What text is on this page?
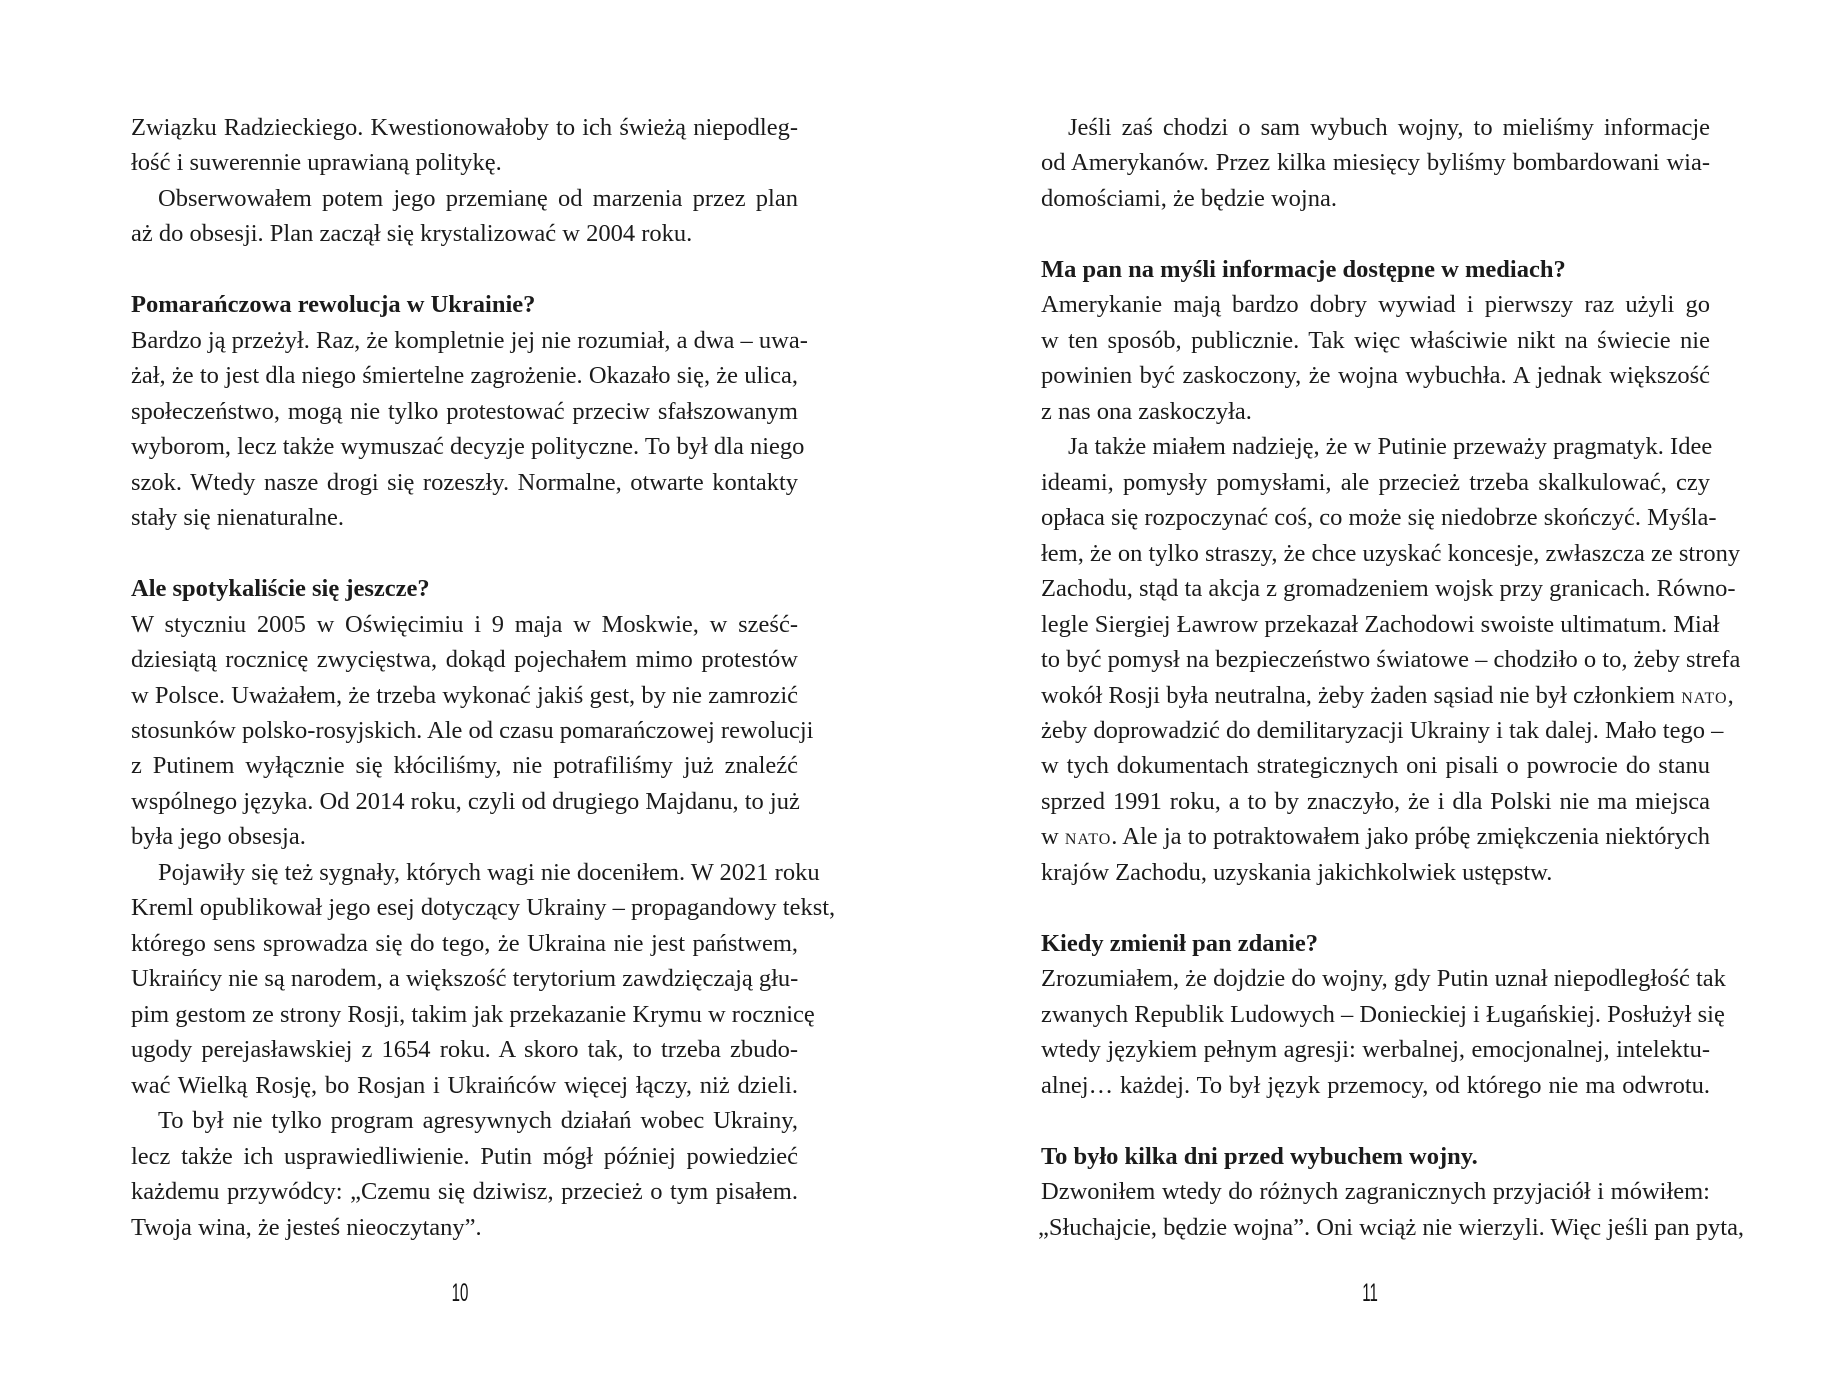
Związku Radzieckiego. Kwestionowałoby to ich świeżą niepodleg-
łość i suwerennie uprawianą politykę.
Obserwowałem potem jego przemianę od marzenia przez plan
aż do obsesji. Plan zaczął się krystalizować w 2004 roku.

Pomarańczowa rewolucja w Ukrainie?
Bardzo ją przeżył. Raz, że kompletnie jej nie rozumiał, a dwa – uwa-
żał, że to jest dla niego śmiertelne zagrożenie. Okazało się, że ulica,
społeczeństwo, mogą nie tylko protestować przeciw sfałszowanym
wyborom, lecz także wymuszać decyzje polityczne. To był dla niego
szok. Wtedy nasze drogi się rozeszły. Normalne, otwarte kontakty
stały się nienaturalne.

Ale spotykaliście się jeszcze?
W styczniu 2005 w Oświęcimiu i 9 maja w Moskwie, w sześć-
dziesiątą rocznicę zwycięstwa, dokąd pojechałem mimo protestów
w Polsce. Uważałem, że trzeba wykonać jakiś gest, by nie zamrozić
stosunków polsko-rosyjskich. Ale od czasu pomarańczowej rewolucji
z Putinem wyłącznie się kłóciliśmy, nie potrafiliśmy już znaleźć
wspólnego języka. Od 2014 roku, czyli od drugiego Majdanu, to już
była jego obsesja.
Pojawiły się też sygnały, których wagi nie doceniłem. W 2021 roku
Kreml opublikował jego esej dotyczący Ukrainy – propagandowy tekst,
którego sens sprowadza się do tego, że Ukraina nie jest państwem,
Ukraińcy nie są narodem, a większość terytorium zawdzięczają głu-
pim gestom ze strony Rosji, takim jak przekazanie Krymu w rocznicę
ugody perejasławskiej z 1654 roku. A skoro tak, to trzeba zbudo-
wać Wielką Rosję, bo Rosjan i Ukraińców więcej łączy, niż dzieli.
To był nie tylko program agresywnych działań wobec Ukrainy,
lecz także ich usprawiedliwienie. Putin mógł później powiedzieć
każdemu przywódcy: „Czemu się dziwisz, przecież o tym pisałem.
Twoja wina, że jesteś nieoczytany”.
10
Jeśli zaś chodzi o sam wybuch wojny, to mieliśmy informacje
od Amerykanów. Przez kilka miesięcy byliśmy bombardowani wia-
domościami, że będzie wojna.

Ma pan na myśli informacje dostępne w mediach?
Amerykanie mają bardzo dobry wywiad i pierwszy raz użyli go
w ten sposób, publicznie. Tak więc właściwie nikt na świecie nie
powinien być zaskoczony, że wojna wybuchła. A jednak większość
z nas ona zaskoczyła.
Ja także miałem nadzieję, że w Putinie przeważy pragmatyk. Idee
ideami, pomysły pomysłami, ale przecież trzeba skalkulować, czy
opłaca się rozpoczynać coś, co może się niedobrze skończyć. Myśla-
łem, że on tylko straszy, że chce uzyskać koncesje, zwłaszcza ze strony
Zachodu, stąd ta akcja z gromadzeniem wojsk przy granicach. Równo-
legle Siergiej Ławrow przekazał Zachodowi swoiste ultimatum. Miał
to być pomysł na bezpieczeństwo światowe – chodziło o to, żeby strefa
wokół Rosji była neutralna, żeby żaden sąsiad nie był członkiem nato,
żeby doprowadzić do demilitaryzacji Ukrainy i tak dalej. Mało tego –
w tych dokumentach strategicznych oni pisali o powrocie do stanu
sprzed 1991 roku, a to by znaczyło, że i dla Polski nie ma miejsca
w nato. Ale ja to potraktowałem jako próbę zmiękczenia niektórych
krajów Zachodu, uzyskania jakichkolwiek ustępstw.

Kiedy zmienił pan zdanie?
Zrozumiałem, że dojdzie do wojny, gdy Putin uznał niepodległość tak
zwanych Republik Ludowych – Donieckiej i Ługańskiej. Posłużył się
wtedy językiem pełnym agresji: werbalnej, emocjonalnej, intelektu-
alnej… każdej. To był język przemocy, od którego nie ma odwrotu.

To było kilka dni przed wybuchem wojny.
Dzwoniłem wtedy do różnych zagranicznych przyjaciół i mówiłem:
„Słuchajcie, będzie wojna”. Oni wciąż nie wierzyli. Więc jeśli pan pyta,
11
